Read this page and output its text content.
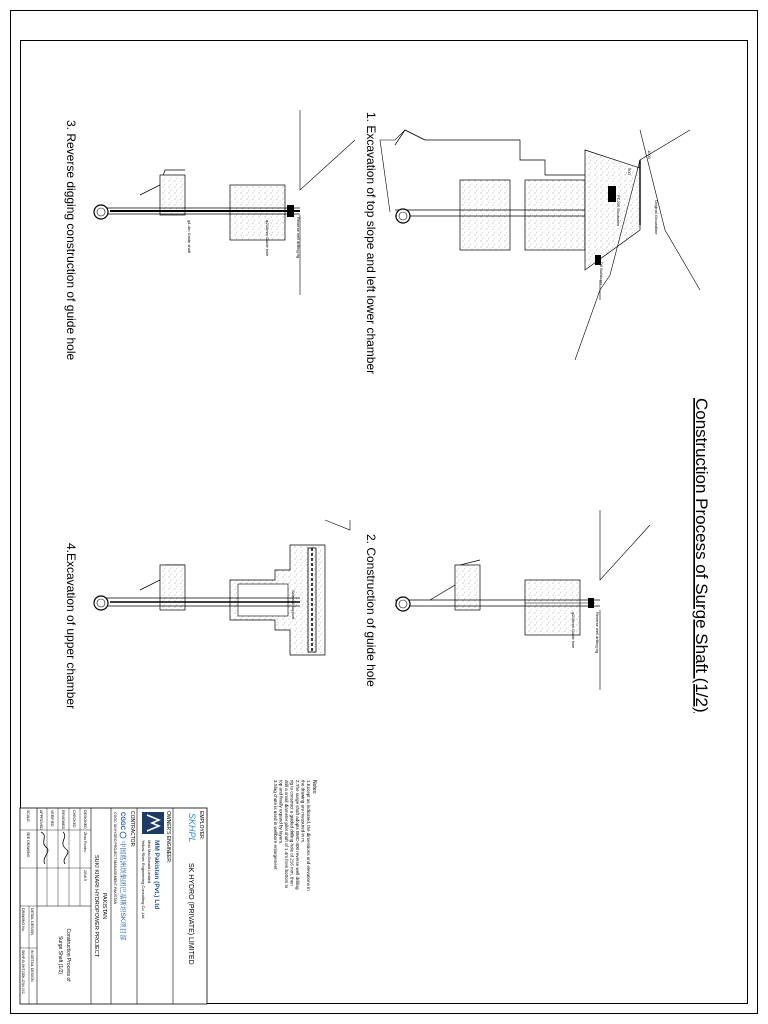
Original Groundline
PC200 Excavator
D6 Bulldozer
1000
500
Reverse well drilling rig
φ216mm Guide hole
Reverse well drilling rig
φ216mm Guide hole
φ1.4m Guide shaft
Sidewall support	Construction Process of Surge Shaft (1/2)
1. Excavation of top slope and left lower chamber
2. Construction of guide hole
3. Reverse digging construction of guide hole
4.Excavation of upper chamber
Notes:
1.Except as indicated, the dimensions and elevations in
the drawing are measured in m.
2.The surge shaft adopts BMC-400 reverse well drilling
rig to construct a guided drilling hole of 216 mm, then
drill a small diameter pilot shaft of 1.4m from bottom to
top and finally expand by layers.
3.Slag chute is used in wellbore enlargement
EMPLOYER:
SKHPL
SK HYDRO (PRIVATE) LIMITED
OWNER'S ENGINEER:
MM Pakistan (Pvt.) Ltd
Mott MacDonald Limited
Yellow River Engineering Consulting Co.,Ltd
CONTRACTOR:
CGGC
中国葛洲坝集团巴基斯坦SK项目部
CGGC SKHYDRO PROJECT MANAGEMENT PAKISTAN
PAKISTAN
SUKI KINARI HYDROPOWER PROJECT
DESIGNED
Zhao Ruichu
2016.5
CHECKED
REVIEWED
VERIFIED
APPROVED
Construction Process of
Surge Shaft (1/2)
SCALE
SEE DRAWING
DETAIL DESIGN
IN DETAIL DESIGN
DRAWING No.
SKHP-B-SHT-DDK-CSH-002
